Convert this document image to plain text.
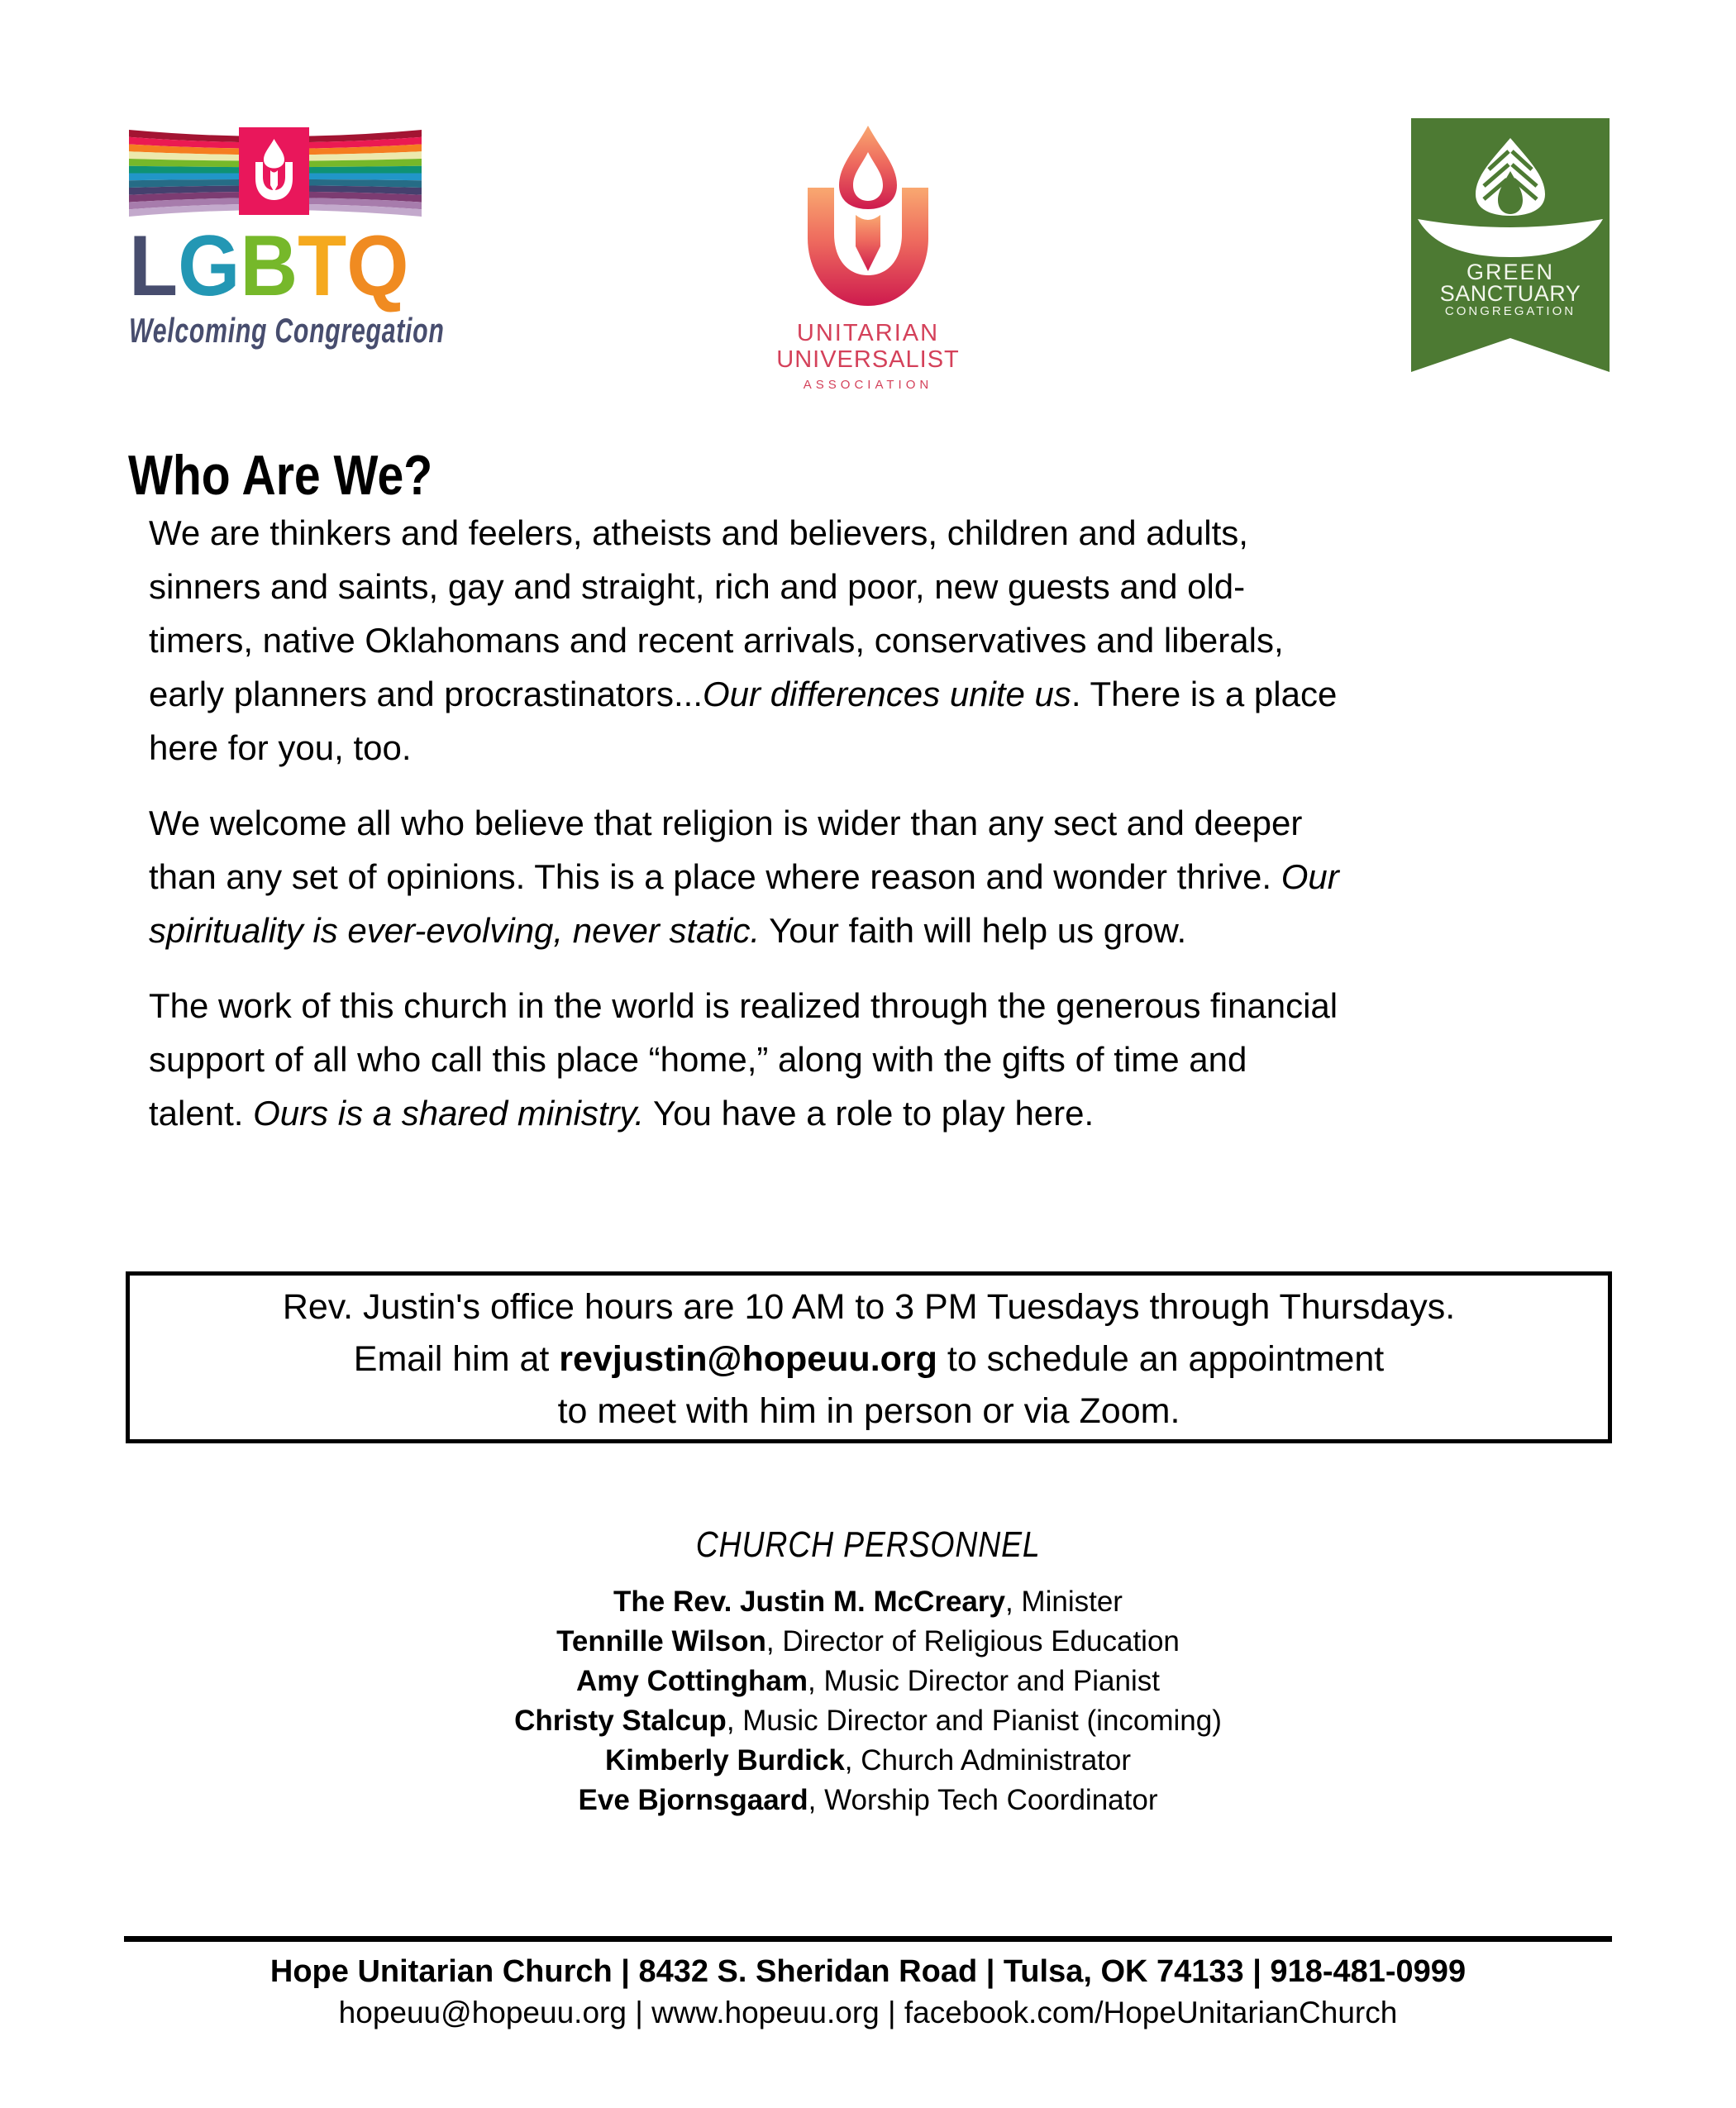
LGBTQ
Welcoming Congregation	UNITARIAN
UNIVERSALIST
ASSOCIATION
GREEN
SANCTUARY
CONGREGATION
Who Are We?

We are thinkers and feelers, atheists and believers, children and adults,
sinners and saints, gay and straight, rich and poor, new guests and old-
timers, native Oklahomans and recent arrivals, conservatives and liberals,
early planners and procrastinators...Our differences unite us. There is a place
here for you, too.

We welcome all who believe that religion is wider than any sect and deeper
than any set of opinions. This is a place where reason and wonder thrive. Our
spirituality is ever-evolving, never static. Your faith will help us grow.

The work of this church in the world is realized through the generous financial
support of all who call this place “home,” along with the gifts of time and
talent. Ours is a shared ministry. You have a role to play here.

Rev. Justin's office hours are 10 AM to 3 PM Tuesdays through Thursdays.
Email him at revjustin@hopeuu.org to schedule an appointment
to meet with him in person or via Zoom.
CHURCH PERSONNEL
The Rev. Justin M. McCreary, Minister
Tennille Wilson, Director of Religious Education
Amy Cottingham, Music Director and Pianist
Christy Stalcup, Music Director and Pianist (incoming)
Kimberly Burdick, Church Administrator
Eve Bjornsgaard, Worship Tech Coordinator
Hope Unitarian Church | 8432 S. Sheridan Road | Tulsa, OK 74133 | 918-481-0999
hopeuu@hopeuu.org | www.hopeuu.org | facebook.com/HopeUnitarianChurch
